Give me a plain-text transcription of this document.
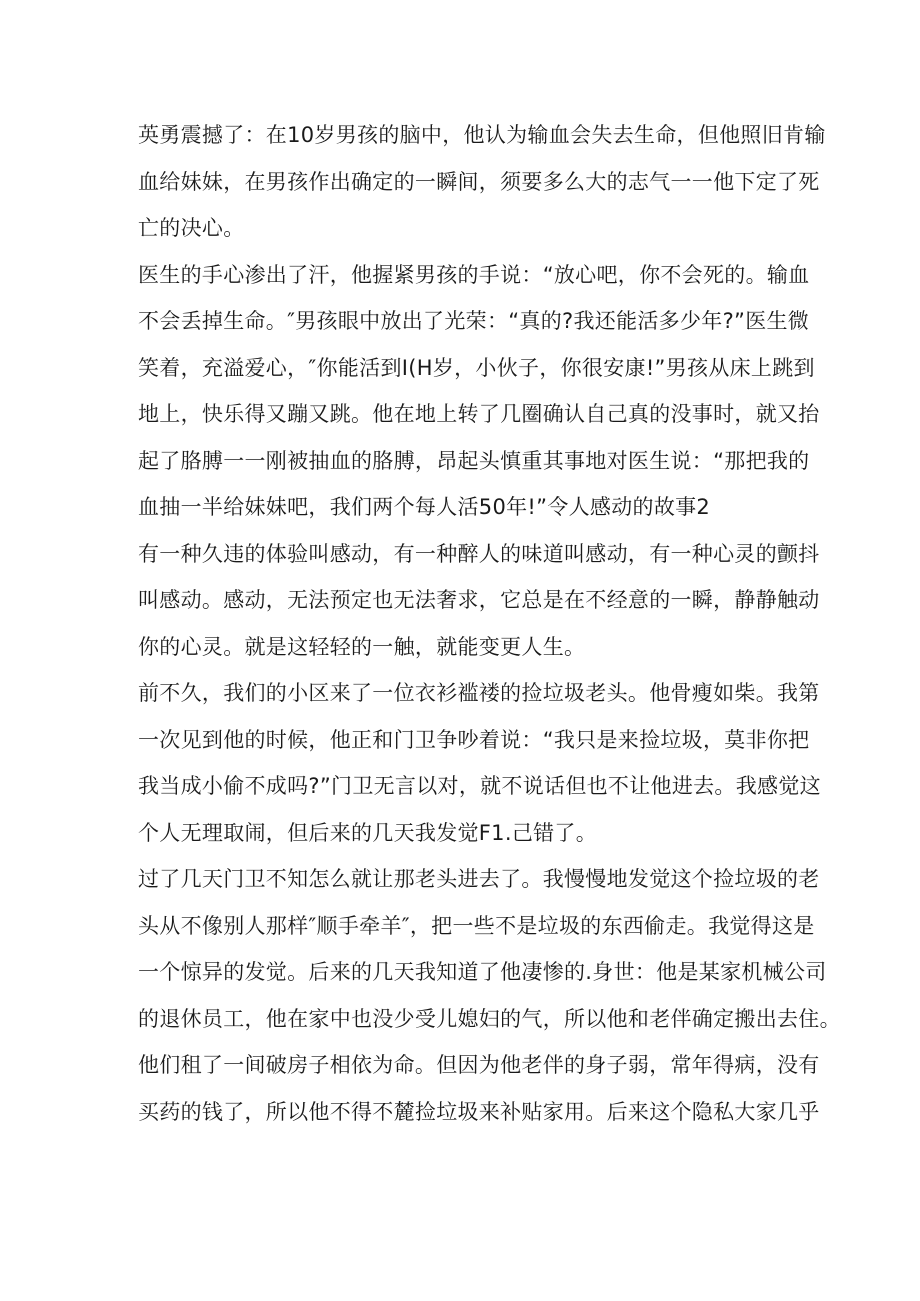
英勇震撼了：在10岁男孩的脑中，他认为输血会失去生命，但他照旧肯输
血给妹妹，在男孩作出确定的一瞬间，须要多么大的志气一一他下定了死
亡的决心。
医生的手心渗出了汗，他握紧男孩的手说：“放心吧，你不会死的。输血
不会丢掉生命。″男孩眼中放出了光荣：“真的?我还能活多少年?”医生微
笑着，充溢爱心，″你能活到I(H岁，小伙子，你很安康!”男孩从床上跳到
地上，快乐得又蹦又跳。他在地上转了几圈确认自己真的没事时，就又抬
起了胳膊一一刚被抽血的胳膊，昂起头慎重其事地对医生说：“那把我的
血抽一半给妹妹吧，我们两个每人活50年!”令人感动的故事2
有一种久违的体验叫感动，有一种醉人的味道叫感动，有一种心灵的颤抖
叫感动。感动，无法预定也无法奢求，它总是在不经意的一瞬，静静触动
你的心灵。就是这轻轻的一触，就能变更人生。
前不久，我们的小区来了一位衣衫褴褛的捡垃圾老头。他骨瘦如柴。我第
一次见到他的时候，他正和门卫争吵着说：“我只是来捡垃圾，莫非你把
我当成小偷不成吗?”门卫无言以对，就不说话但也不让他进去。我感觉这
个人无理取闹，但后来的几天我发觉F1.己错了。
过了几天门卫不知怎么就让那老头进去了。我慢慢地发觉这个捡垃圾的老
头从不像别人那样″顺手牵羊″，把一些不是垃圾的东西偷走。我觉得这是
一个惊异的发觉。后来的几天我知道了他凄惨的.身世：他是某家机械公司
的退休员工，他在家中也没少受儿媳妇的气，所以他和老伴确定搬出去住。
他们租了一间破房子相依为命。但因为他老伴的身子弱，常年得病，没有
买药的钱了，所以他不得不麓捡垃圾来补贴家用。后来这个隐私大家几乎
